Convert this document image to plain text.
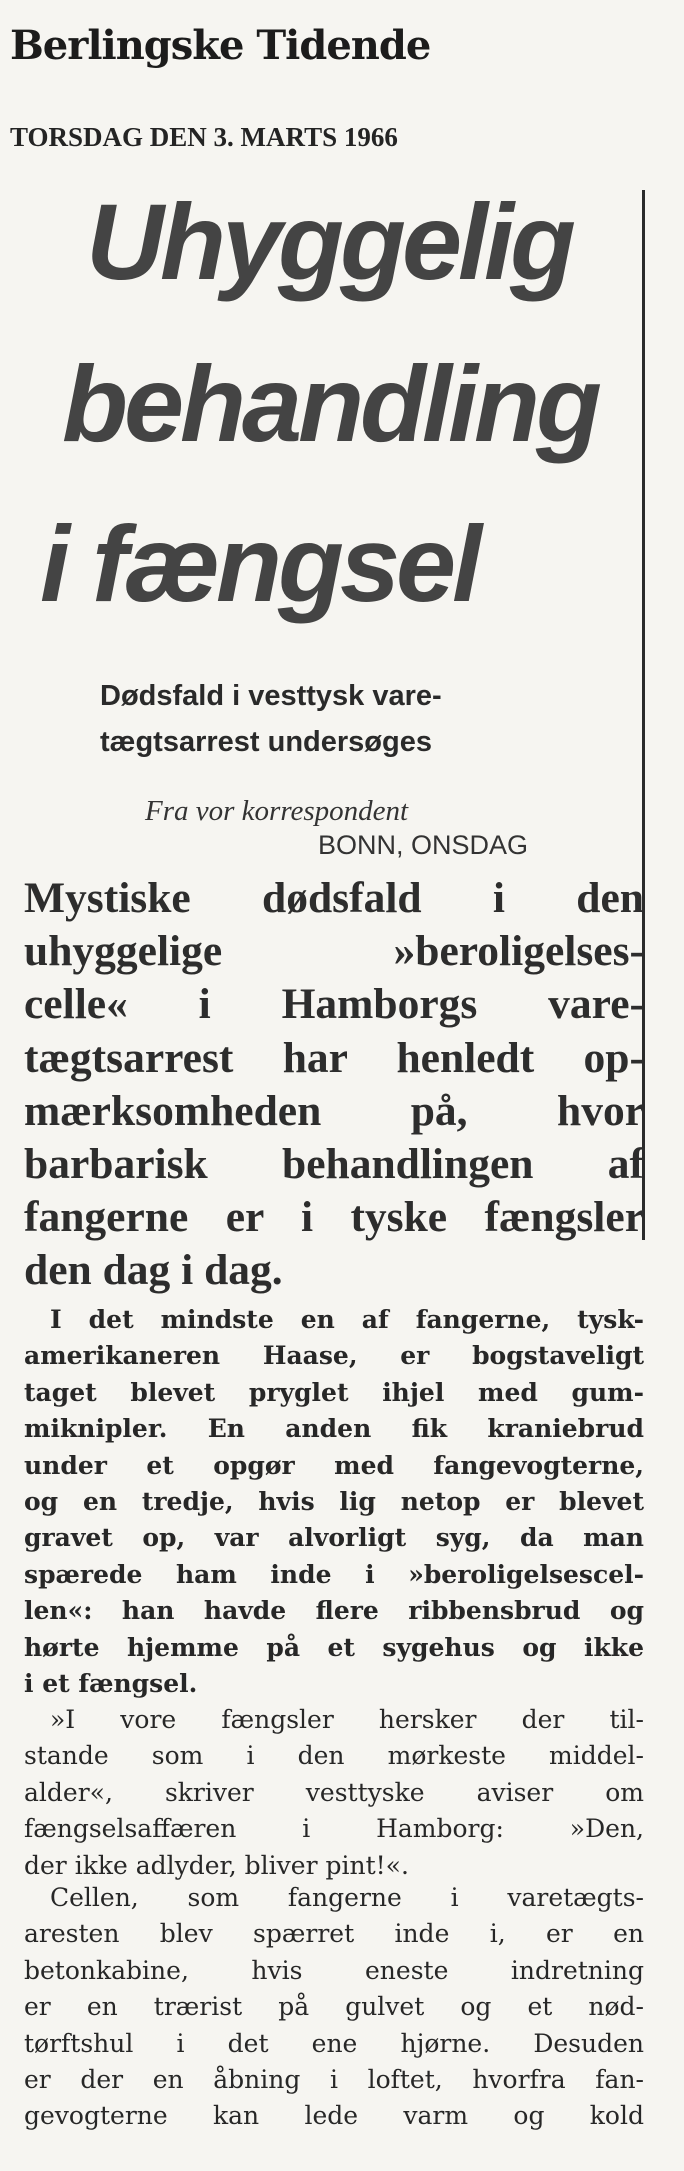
Berlingske Tidende
TORSDAG DEN 3. MARTS 1966
Uhyggelig
behandling
i fængsel
Dødsfald i vesttysk vare-
tægtsarrest undersøges
Fra vor korrespondent
BONN, ONSDAG
Mystiske dødsfald i den
uhyggelige »beroligelses-
celle« i Hamborgs vare-
tægtsarrest har henledt op-
mærksomheden på, hvor
barbarisk behandlingen af
fangerne er i tyske fængsler
den dag i dag.
I det mindste en af fangerne, tysk-
amerikaneren Haase, er bogstaveligt
taget blevet pryglet ihjel med gum-
miknipler. En anden fik kraniebrud
under et opgør med fangevogterne,
og en tredje, hvis lig netop er blevet
gravet op, var alvorligt syg, da man
spærede ham inde i »beroligelsescel-
len«: han havde flere ribbensbrud og
hørte hjemme på et sygehus og ikke
i et fængsel.
»I vore fængsler hersker der til-
stande som i den mørkeste middel-
alder«, skriver vesttyske aviser om
fængselsaffæren i Hamborg: »Den,
der ikke adlyder, bliver pint!«.
Cellen, som fangerne i varetægts-
aresten blev spærret inde i, er en
betonkabine, hvis eneste indretning
er en trærist på gulvet og et nød-
tørftshul i det ene hjørne. Desuden
er der en åbning i loftet, hvorfra fan-
gevogterne kan lede varm og kold
